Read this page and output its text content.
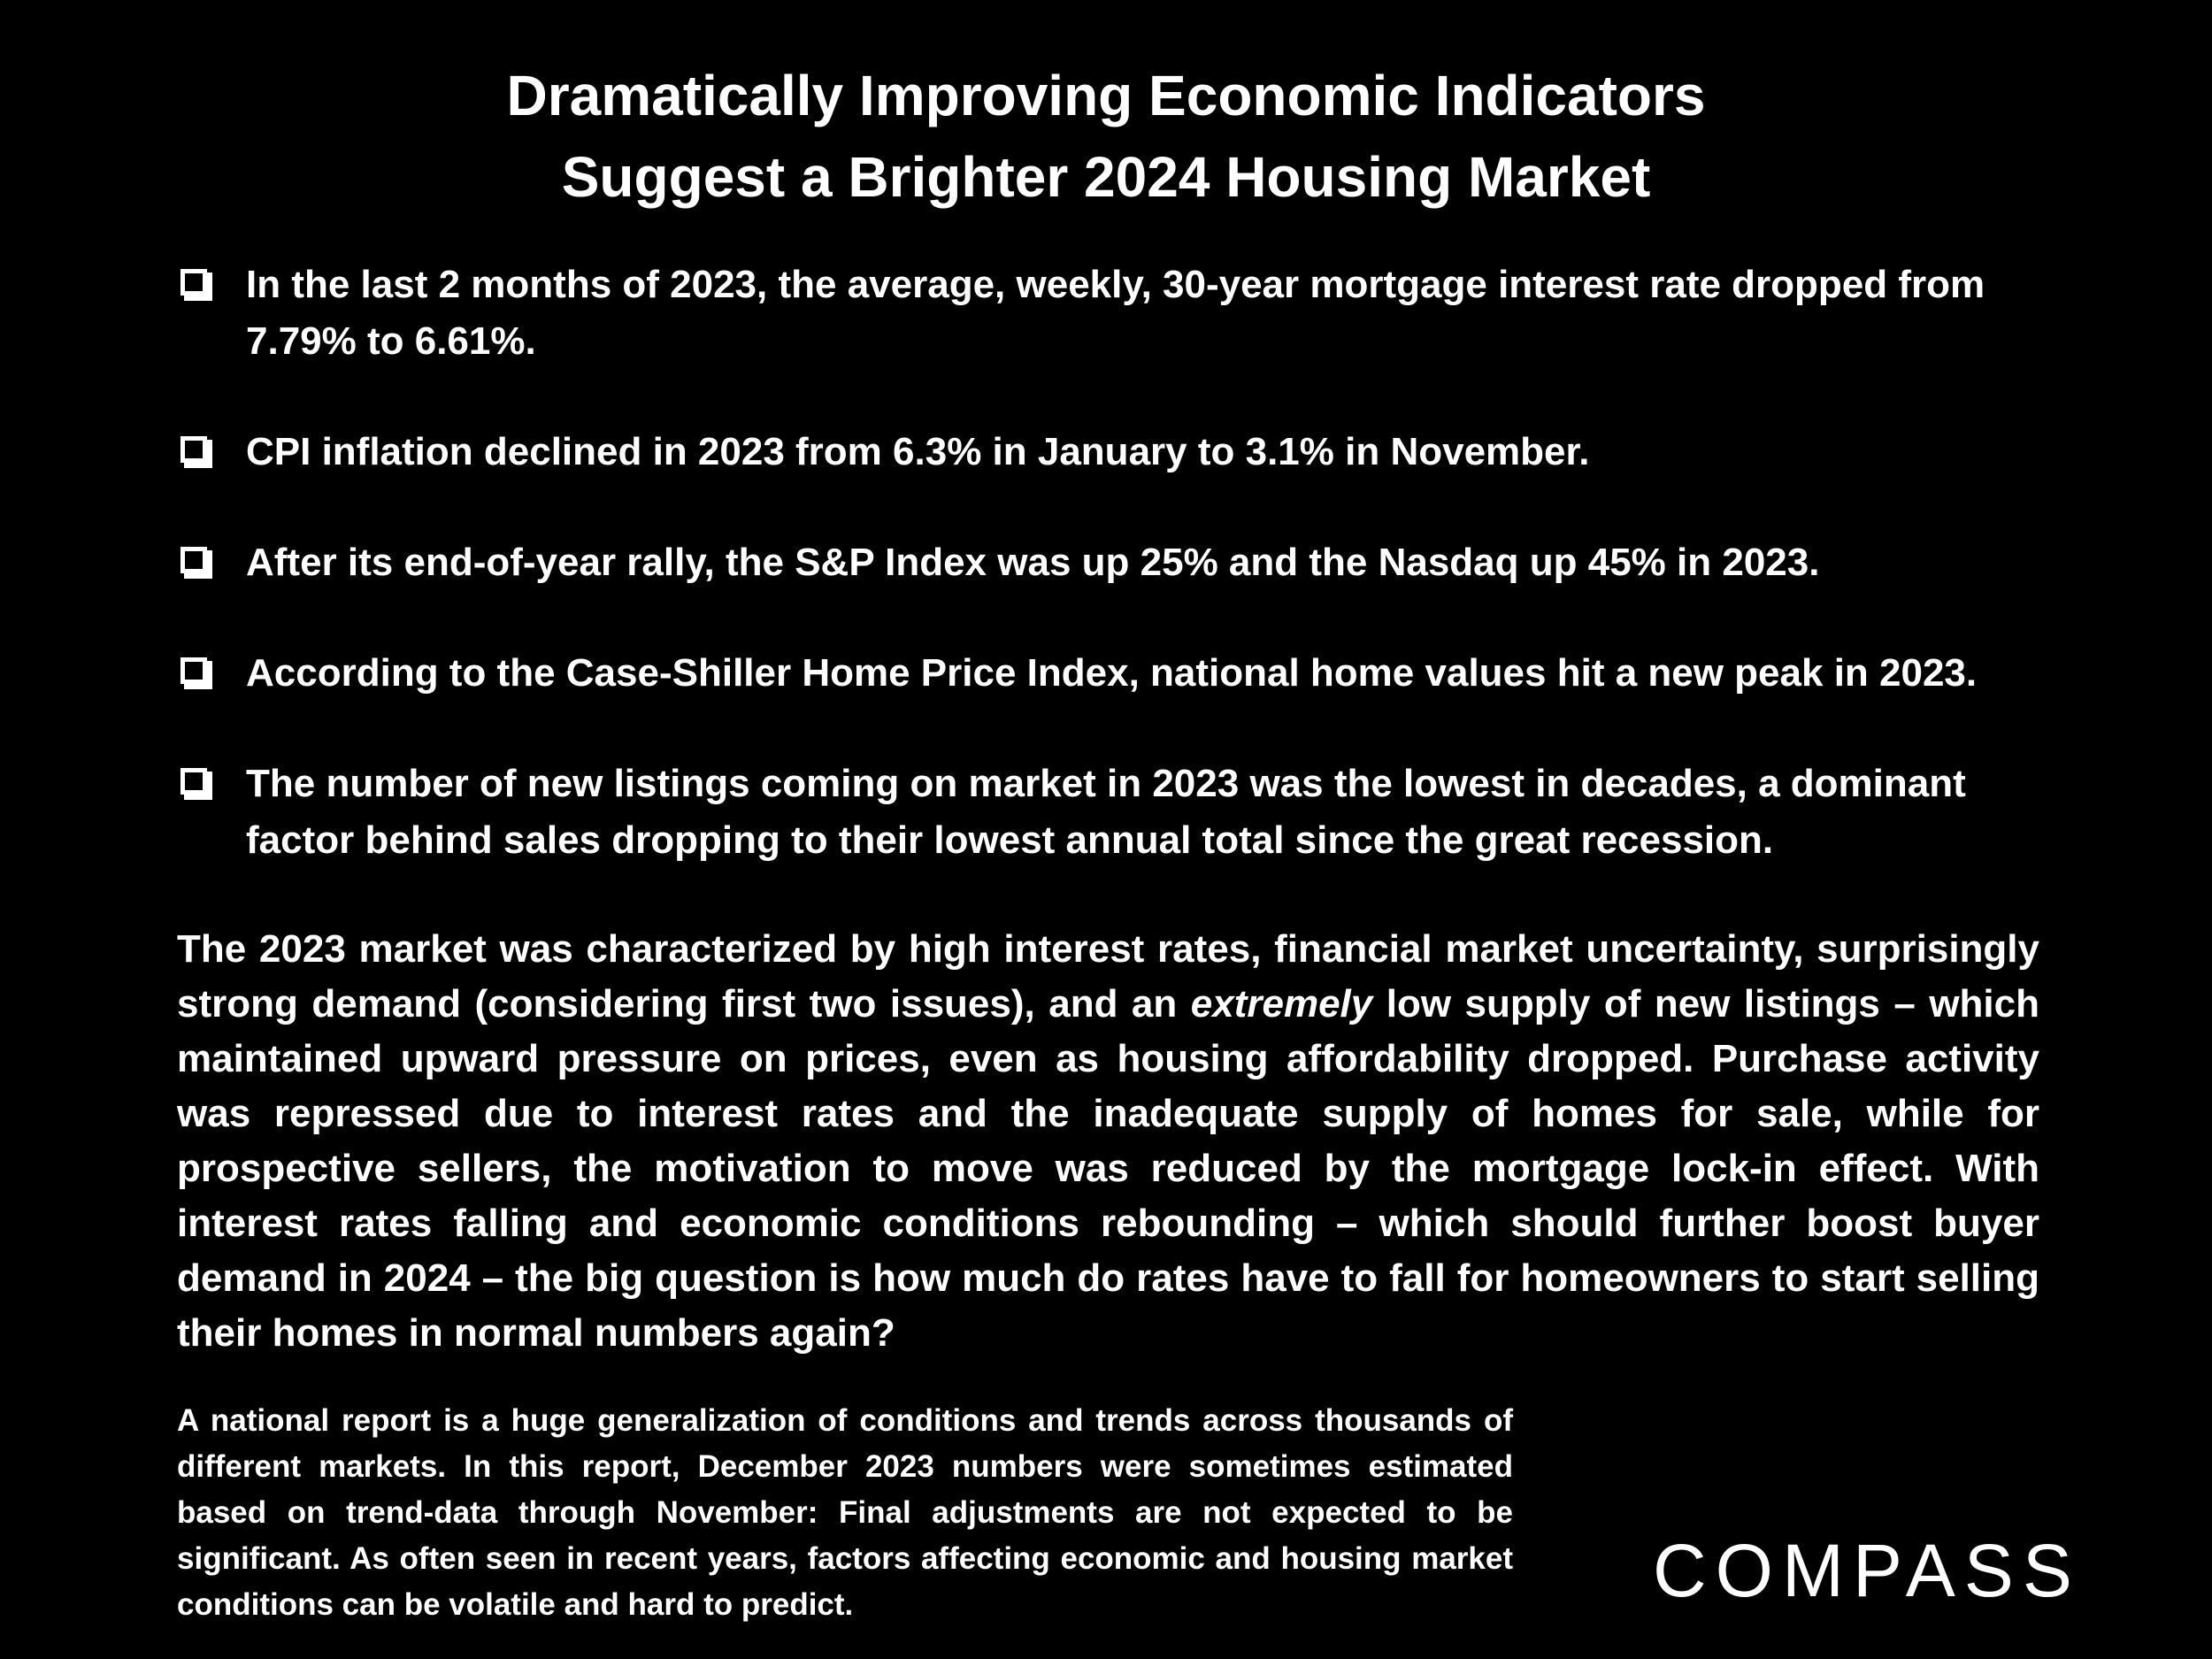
Dramatically Improving Economic Indicators
Suggest a Brighter 2024 Housing Market
In the last 2 months of 2023, the average, weekly, 30-year mortgage interest rate dropped from 7.79% to 6.61%.
CPI inflation declined in 2023 from 6.3% in January to 3.1% in November.
After its end-of-year rally, the S&P Index was up 25% and the Nasdaq up 45% in 2023.
According to the Case-Shiller Home Price Index, national home values hit a new peak in 2023.
The number of new listings coming on market in 2023 was the lowest in decades, a dominant factor behind sales dropping to their lowest annual total since the great recession.
The 2023 market was characterized by high interest rates, financial market uncertainty, surprisingly strong demand (considering first two issues), and an extremely low supply of new listings – which maintained upward pressure on prices, even as housing affordability dropped. Purchase activity was repressed due to interest rates and the inadequate supply of homes for sale, while for prospective sellers, the motivation to move was reduced by the mortgage lock-in effect. With interest rates falling and economic conditions rebounding – which should further boost buyer demand in 2024 – the big question is how much do rates have to fall for homeowners to start selling their homes in normal numbers again?
A national report is a huge generalization of conditions and trends across thousands of different markets. In this report, December 2023 numbers were sometimes estimated based on trend-data through November: Final adjustments are not expected to be significant. As often seen in recent years, factors affecting economic and housing market conditions can be volatile and hard to predict.	COMPASS
